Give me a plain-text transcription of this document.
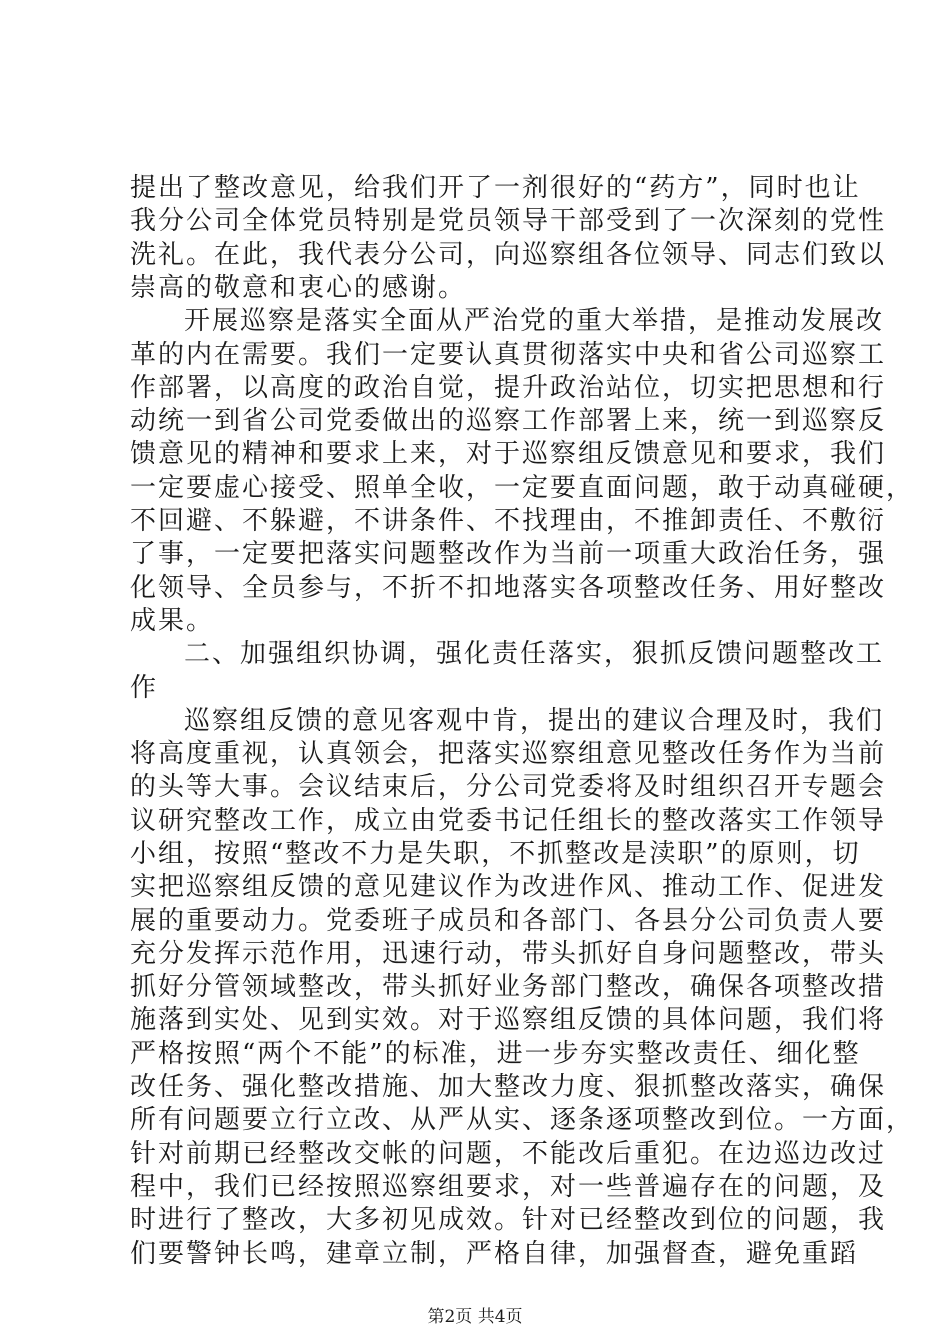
提出了整改意见，给我们开了一剂很好的“药方”，同时也让
我分公司全体党员特别是党员领导干部受到了一次深刻的党性
洗礼。在此，我代表分公司，向巡察组各位领导、同志们致以
崇高的敬意和衷心的感谢。
开展巡察是落实全面从严治党的重大举措，是推动发展改
革的内在需要。我们一定要认真贯彻落实中央和省公司巡察工
作部署，以高度的政治自觉，提升政治站位，切实把思想和行
动统一到省公司党委做出的巡察工作部署上来，统一到巡察反
馈意见的精神和要求上来，对于巡察组反馈意见和要求，我们
一定要虚心接受、照单全收，一定要直面问题，敢于动真碰硬，
不回避、不躲避，不讲条件、不找理由，不推卸责任、不敷衍
了事，一定要把落实问题整改作为当前一项重大政治任务，强
化领导、全员参与，不折不扣地落实各项整改任务、用好整改
成果。
二、加强组织协调，强化责任落实，狠抓反馈问题整改工
作
巡察组反馈的意见客观中肯，提出的建议合理及时，我们
将高度重视，认真领会，把落实巡察组意见整改任务作为当前
的头等大事。会议结束后，分公司党委将及时组织召开专题会
议研究整改工作，成立由党委书记任组长的整改落实工作领导
小组，按照“整改不力是失职，不抓整改是渎职”的原则，切
实把巡察组反馈的意见建议作为改进作风、推动工作、促进发
展的重要动力。党委班子成员和各部门、各县分公司负责人要
充分发挥示范作用，迅速行动，带头抓好自身问题整改，带头
抓好分管领域整改，带头抓好业务部门整改，确保各项整改措
施落到实处、见到实效。对于巡察组反馈的具体问题，我们将
严格按照“两个不能”的标准，进一步夯实整改责任、细化整
改任务、强化整改措施、加大整改力度、狠抓整改落实，确保
所有问题要立行立改、从严从实、逐条逐项整改到位。一方面，
针对前期已经整改交帐的问题，不能改后重犯。在边巡边改过
程中，我们已经按照巡察组要求，对一些普遍存在的问题，及
时进行了整改，大多初见成效。针对已经整改到位的问题，我
们要警钟长鸣，建章立制，严格自律，加强督查，避免重蹈
第2页 共4页
